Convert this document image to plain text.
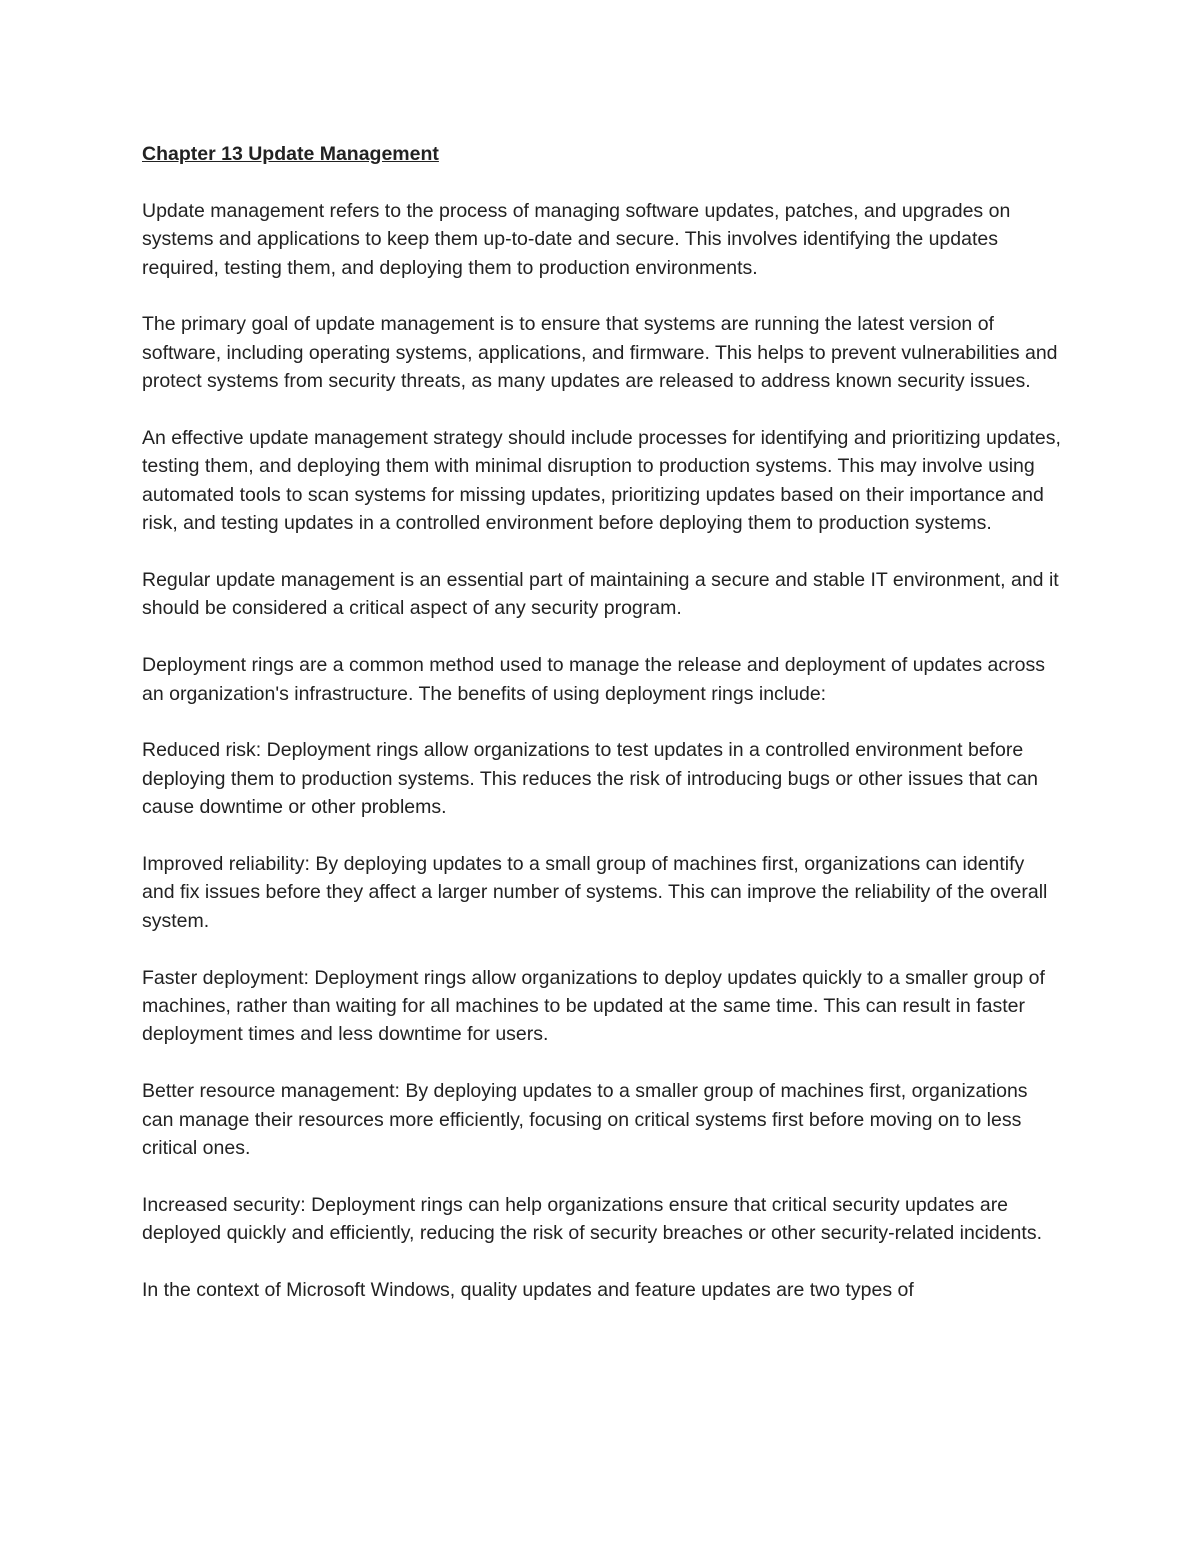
Chapter 13 Update Management

Update management refers to the process of managing software updates, patches, and upgrades on systems and applications to keep them up-to-date and secure. This involves identifying the updates required, testing them, and deploying them to production environments.

The primary goal of update management is to ensure that systems are running the latest version of software, including operating systems, applications, and firmware. This helps to prevent vulnerabilities and protect systems from security threats, as many updates are released to address known security issues.

An effective update management strategy should include processes for identifying and prioritizing updates, testing them, and deploying them with minimal disruption to production systems. This may involve using automated tools to scan systems for missing updates, prioritizing updates based on their importance and risk, and testing updates in a controlled environment before deploying them to production systems.

Regular update management is an essential part of maintaining a secure and stable IT environment, and it should be considered a critical aspect of any security program.

Deployment rings are a common method used to manage the release and deployment of updates across an organization's infrastructure. The benefits of using deployment rings include:

Reduced risk: Deployment rings allow organizations to test updates in a controlled environment before deploying them to production systems. This reduces the risk of introducing bugs or other issues that can cause downtime or other problems.

Improved reliability: By deploying updates to a small group of machines first, organizations can identify and fix issues before they affect a larger number of systems. This can improve the reliability of the overall system.

Faster deployment: Deployment rings allow organizations to deploy updates quickly to a smaller group of machines, rather than waiting for all machines to be updated at the same time. This can result in faster deployment times and less downtime for users.

Better resource management: By deploying updates to a smaller group of machines first, organizations can manage their resources more efficiently, focusing on critical systems first before moving on to less critical ones.

Increased security: Deployment rings can help organizations ensure that critical security updates are deployed quickly and efficiently, reducing the risk of security breaches or other security-related incidents.

In the context of Microsoft Windows, quality updates and feature updates are two types of
